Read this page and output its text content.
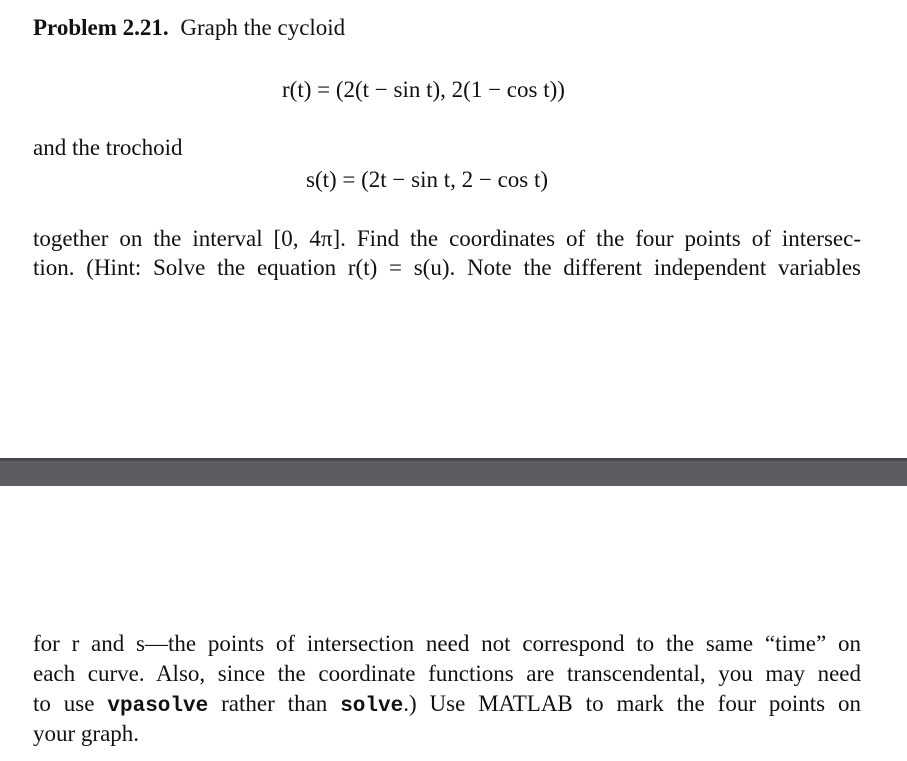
Problem 2.21. Graph the cycloid
r(t) = (2(t − sin t), 2(1 − cos t))
and the trochoid
s(t) = (2t − sin t, 2 − cos t)
together on the interval [0, 4π]. Find the coordinates of the four points of intersec-
tion. (Hint: Solve the equation r(t) = s(u). Note the different independent variables
for r and s—the points of intersection need not correspond to the same “time” on
each curve. Also, since the coordinate functions are transcendental, you may need
to use vpasolve rather than solve.) Use MATLAB to mark the four points on
your graph.
